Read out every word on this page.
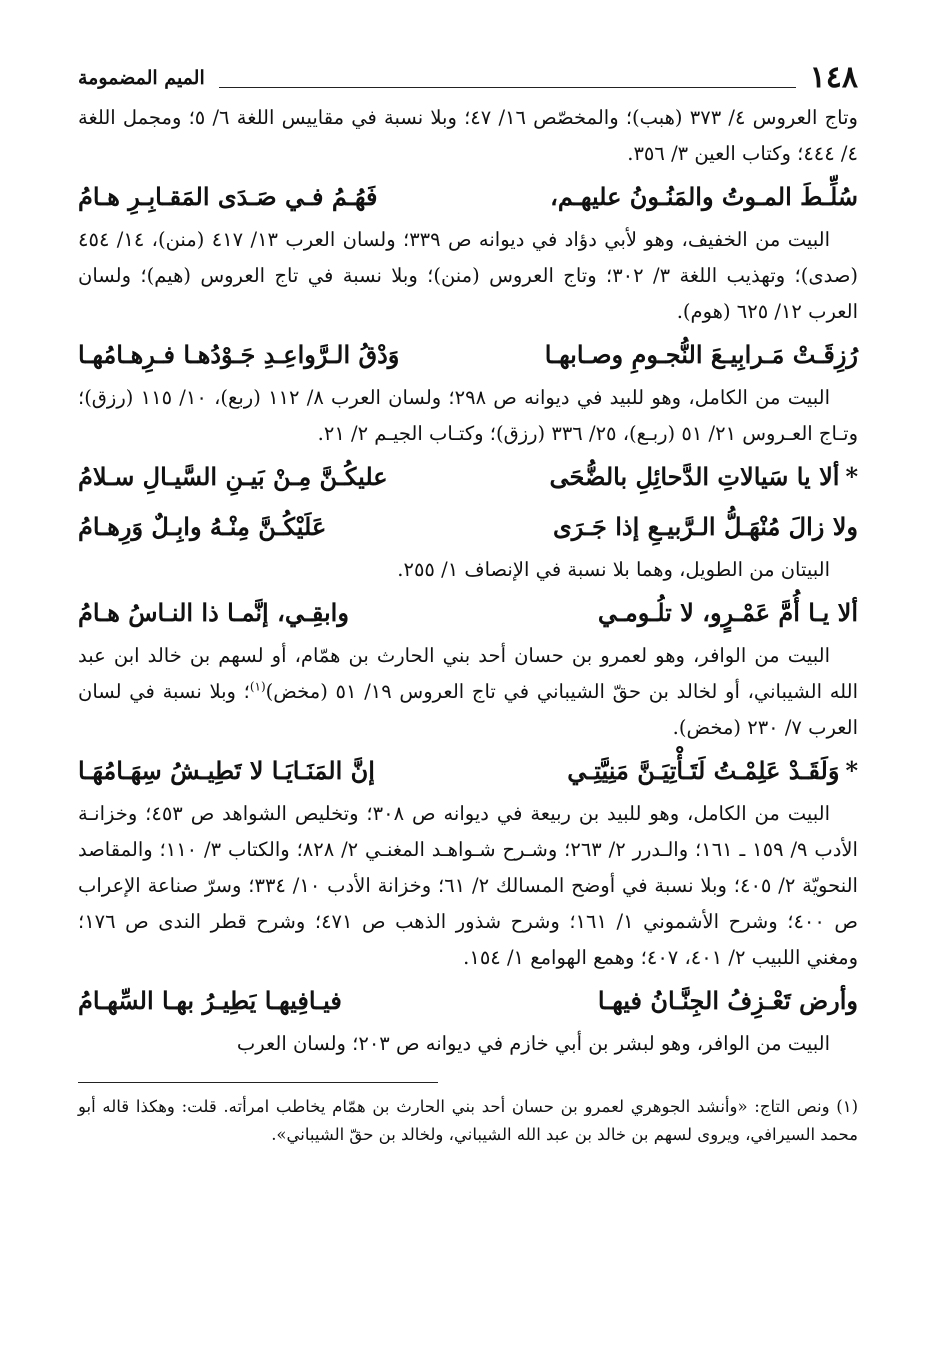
١٤٨
الميم المضمومة

وتاج العروس ٤/ ٣٧٣ (هبب)؛ والمخصّص ١٦/ ٤٧؛ وبلا نسبة في مقاييس اللغة ٦/ ٥؛ ومجمل اللغة ٤/ ٤٤٤؛ وكتاب العين ٣/ ٣٥٦.

سُلِّـطَ المـوتُ والمَنُـونُ عليهـم،
فَهُـمُ فـي صَـدَى المَقـابِـرِ هـامُ

البيت من الخفيف، وهو لأبي دؤاد في ديوانه ص ٣٣٩؛ ولسان العرب ١٣/ ٤١٧ (منن)، ١٤/ ٤٥٤ (صدى)؛ وتهذيب اللغة ٣/ ٣٠٢؛ وتاج العروس (منن)؛ وبلا نسبة في تاج العروس (هيم)؛ ولسان العرب ١٢/ ٦٢٥ (هوم).

رُزِقَـتْ مَـرابِيـعَ النُّجـومِ وصـابهـا
وَدْقُ الـرَّواعِـدِ جَـوْدُهـا فـرِهـامُهـا

البيت من الكامل، وهو للبيد في ديوانه ص ٢٩٨؛ ولسان العرب ٨/ ١١٢ (ربع)، ١٠/ ١١٥ (رزق)؛ وتـاج العـروس ٢١/ ٥١ (ربـع)، ٢٥/ ٣٣٦ (رزق)؛ وكتـاب الجيـم ٢/ ٢١.

*ألا يا سَيالاتِ الدَّحائِلِ بالضُّحَى
عليكُـنَّ مِـنْ بَيـنِ السَّيـالِ سـلامُ
ولا زالَ مُنْهَـلُّ الـرَّبيـعِ إذا جَـرَى
عَلَيْكُـنَّ مِنْـهُ وابِـلٌ وَرِهـامُ

البيتان من الطويل، وهما بلا نسبة في الإنصاف ١/ ٢٥٥.

ألا يـا أُمَّ عَمْـرٍو، لا تلُـومـي
وابقِـي، إنَّمـا ذا النـاسُ هـامُ

البيت من الوافر، وهو لعمرو بن حسان أحد بني الحارث بن همّام، أو لسهم بن خالد ابن عبد الله الشيباني، أو لخالد بن حقّ الشيباني في تاج العروس ١٩/ ٥١ (مخض)$^{(١)}$؛ وبلا نسبة في لسان العرب ٧/ ٢٣٠ (مخض).

*وَلَقَـدْ عَلِمْـتُ لَتَـأْتِيَـنَّ مَنِيَّتِـي
إنَّ المَنَـايَـا لا تَطِيـشُ سِهَـامُهَـا

البيت من الكامل، وهو للبيد بن ربيعة في ديوانه ص ٣٠٨؛ وتخليص الشواهد ص ٤٥٣؛ وخزانـة الأدب ٩/ ١٥٩ ـ ١٦١؛ والـدرر ٢/ ٢٦٣؛ وشـرح شـواهـد المغنـي ٢/ ٨٢٨؛ والكتاب ٣/ ١١٠؛ والمقاصد النحويّة ٢/ ٤٠٥؛ وبلا نسبة في أوضح المسالك ٢/ ٦١؛ وخزانة الأدب ١٠/ ٣٣٤؛ وسرّ صناعة الإعراب ص ٤٠٠؛ وشرح الأشموني ١/ ١٦١؛ وشرح شذور الذهب ص ٤٧١؛ وشرح قطر الندى ص ١٧٦؛ ومغني اللبيب ٢/ ٤٠١، ٤٠٧؛ وهمع الهوامع ١/ ١٥٤.

وأرض تَعْـزِفُ الجِنَّـانُ فيهـا
فيـافِيهـا يَطِيـرُ بهـا السِّهـامُ

البيت من الوافر، وهو لبشر بن أبي خازم في ديوانه ص ٢٠٣؛ ولسان العرب

(١) ونص التاج: «وأنشد الجوهري لعمرو بن حسان أحد بني الحارث بن همّام يخاطب امرأته. قلت: وهكذا قاله أبو محمد السيرافي، ويروى لسهم بن خالد بن عبد الله الشيباني، ولخالد بن حقّ الشيباني».
